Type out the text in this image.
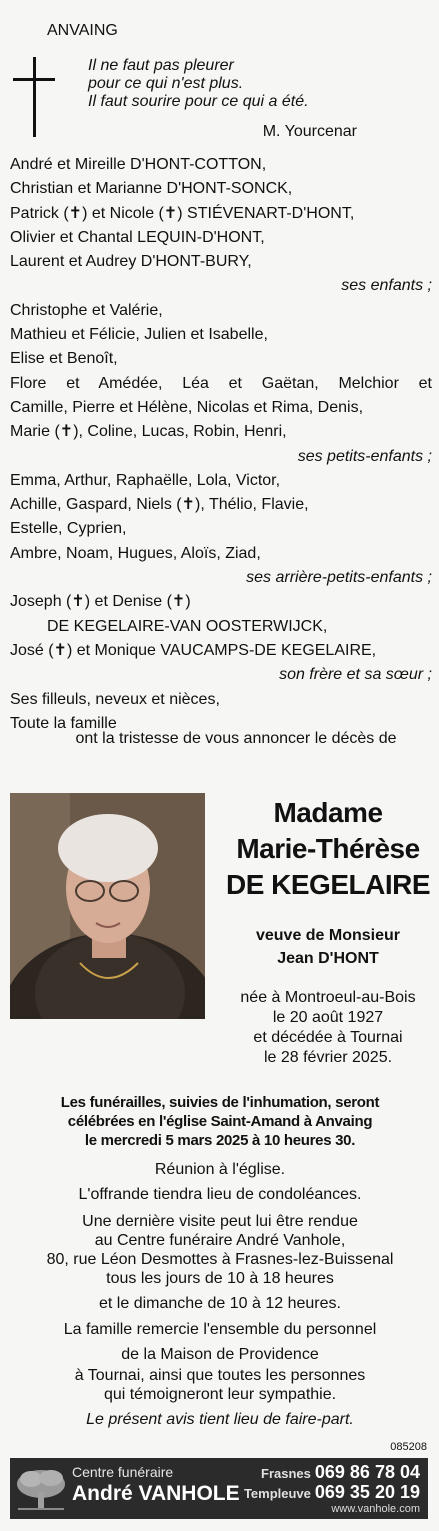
ANVAING
Il ne faut pas pleurer
pour ce qui n'est plus.
Il faut sourire pour ce qui a été.
M. Yourcenar
André et Mireille D'HONT-COTTON,
Christian et Marianne D'HONT-SONCK,
Patrick (✝) et Nicole (✝) STIÉVENART-D'HONT,
Olivier et Chantal LEQUIN-D'HONT,
Laurent et Audrey D'HONT-BURY,
ses enfants ;
Christophe et Valérie,
Mathieu et Félicie, Julien et Isabelle,
Elise et Benoît,
Flore et Amédée, Léa et Gaëtan, Melchior et
Camille, Pierre et Hélène, Nicolas et Rima, Denis,
Marie (✝), Coline, Lucas, Robin, Henri,
ses petits-enfants ;
Emma, Arthur, Raphaëlle, Lola, Victor,
Achille, Gaspard, Niels (✝), Thélio, Flavie,
Estelle, Cyprien,
Ambre, Noam, Hugues, Aloïs, Ziad,
ses arrière-petits-enfants ;
Joseph (✝) et Denise (✝)
DE KEGELAIRE-VAN OOSTERWIJCK,
José (✝) et Monique VAUCAMPS-DE KEGELAIRE,
son frère et sa sœur ;
Ses filleuls, neveux et nièces,
Toute la famille
ont la tristesse de vous annoncer le décès de
Madame
Marie-Thérèse
DE KEGELAIRE
veuve de Monsieur
Jean D'HONT
née à Montroeul-au-Bois
le 20 août 1927
et décédée à Tournai
le 28 février 2025.
Les funérailles, suivies de l'inhumation, seront
célébrées en l'église Saint-Amand à Anvaing
le mercredi 5 mars 2025 à 10 heures 30.
Réunion à l'église.
L'offrande tiendra lieu de condoléances.
Une dernière visite peut lui être rendue
au Centre funéraire André Vanhole,
80, rue Léon Desmottes à Frasnes-lez-Buissenal
tous les jours de 10 à 18 heures
et le dimanche de 10 à 12 heures.
La famille remercie l'ensemble du personnel
de la Maison de Providence
à Tournai, ainsi que toutes les personnes
qui témoigneront leur sympathie.
Le présent avis tient lieu de faire-part.
085208
Centre funéraire
André VANHOLE
Frasnes 069 86 78 04
Templeuve 069 35 20 19
www.vanhole.com
